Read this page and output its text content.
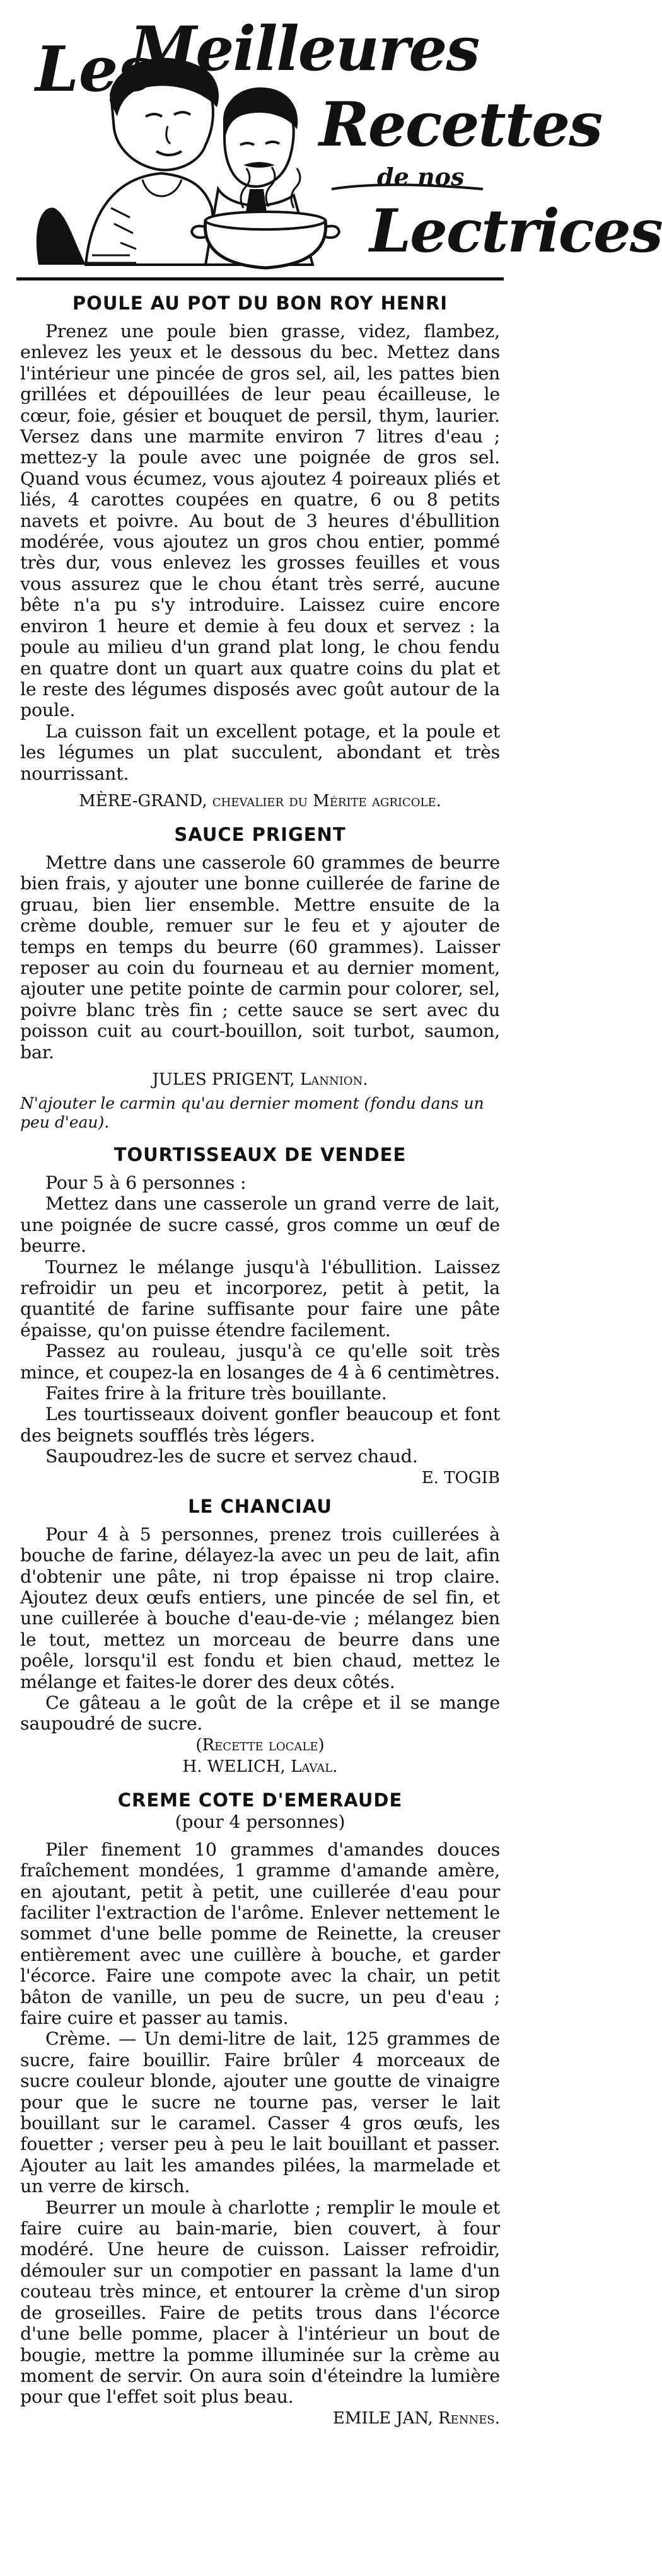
Les
Meilleures
Recettes
de nos
Lectrices
POULE AU POT DU BON ROY HENRI

Prenez une poule bien grasse, videz, flambez, enlevez les yeux et le dessous du bec. Mettez dans l'intérieur une pincée de gros sel, ail, les pattes bien grillées et dépouillées de leur peau écailleuse, le cœur, foie, gésier et bouquet de persil, thym, laurier. Versez dans une marmite environ 7 litres d'eau ; mettez-y la poule avec une poignée de gros sel. Quand vous écumez, vous ajoutez 4 poireaux pliés et liés, 4 carottes coupées en quatre, 6 ou 8 petits navets et poivre. Au bout de 3 heures d'ébullition modérée, vous ajoutez un gros chou entier, pommé très dur, vous enlevez les grosses feuilles et vous vous assurez que le chou étant très serré, aucune bête n'a pu s'y introduire. Laissez cuire encore environ 1 heure et demie à feu doux et servez : la poule au milieu d'un grand plat long, le chou fendu en quatre dont un quart aux quatre coins du plat et le reste des légumes disposés avec goût autour de la poule.

La cuisson fait un excellent potage, et la poule et les légumes un plat succulent, abondant et très nourrissant.

MÈRE-GRAND, chevalier du Mérite agricole.

SAUCE PRIGENT

Mettre dans une casserole 60 grammes de beurre bien frais, y ajouter une bonne cuillerée de farine de gruau, bien lier ensemble. Mettre ensuite de la crème double, remuer sur le feu et y ajouter de temps en temps du beurre (60 grammes). Laisser reposer au coin du fourneau et au dernier moment, ajouter une petite pointe de carmin pour colorer, sel, poivre blanc très fin ; cette sauce se sert avec du poisson cuit au court-bouillon, soit turbot, saumon, bar.

JULES PRIGENT, Lannion.

N'ajouter le carmin qu'au dernier moment (fondu dans un peu d'eau).

TOURTISSEAUX DE VENDEE

Pour 5 à 6 personnes :

Mettez dans une casserole un grand verre de lait, une poignée de sucre cassé, gros comme un œuf de beurre.

Tournez le mélange jusqu'à l'ébullition. Laissez refroidir un peu et incorporez, petit à petit, la quantité de farine suffisante pour faire une pâte épaisse, qu'on puisse étendre facilement.

Passez au rouleau, jusqu'à ce qu'elle soit très mince, et coupez-la en losanges de 4 à 6 centimètres.

Faites frire à la friture très bouillante.

Les tourtisseaux doivent gonfler beaucoup et font des beignets soufflés très légers.

Saupoudrez-les de sucre et servez chaud.

E. TOGIB

LE CHANCIAU

Pour 4 à 5 personnes, prenez trois cuillerées à bouche de farine, délayez-la avec un peu de lait, afin d'obtenir une pâte, ni trop épaisse ni trop claire. Ajoutez deux œufs entiers, une pincée de sel fin, et une cuillerée à bouche d'eau-de-vie ; mélangez bien le tout, mettez un morceau de beurre dans une poêle, lorsqu'il est fondu et bien chaud, mettez le mélange et faites-le dorer des deux côtés.

Ce gâteau a le goût de la crêpe et il se mange saupoudré de sucre.

(Recette locale)

H. WELICH, Laval.

CREME COTE D'EMERAUDE

(pour 4 personnes)

Piler finement 10 grammes d'amandes douces fraîchement mondées, 1 gramme d'amande amère, en ajoutant, petit à petit, une cuillerée d'eau pour faciliter l'extraction de l'arôme. Enlever nettement le sommet d'une belle pomme de Reinette, la creuser entièrement avec une cuillère à bouche, et garder l'écorce. Faire une compote avec la chair, un petit bâton de vanille, un peu de sucre, un peu d'eau ; faire cuire et passer au tamis.

Crème. — Un demi-litre de lait, 125 grammes de sucre, faire bouillir. Faire brûler 4 morceaux de sucre couleur blonde, ajouter une goutte de vinaigre pour que le sucre ne tourne pas, verser le lait bouillant sur le caramel. Casser 4 gros œufs, les fouetter ; verser peu à peu le lait bouillant et passer. Ajouter au lait les amandes pilées, la marmelade et un verre de kirsch.

Beurrer un moule à charlotte ; remplir le moule et faire cuire au bain-marie, bien couvert, à four modéré. Une heure de cuisson. Laisser refroidir, démouler sur un compotier en passant la lame d'un couteau très mince, et entourer la crème d'un sirop de groseilles. Faire de petits trous dans l'écorce d'une belle pomme, placer à l'intérieur un bout de bougie, mettre la pomme illuminée sur la crème au moment de servir. On aura soin d'éteindre la lumière pour que l'effet soit plus beau.

EMILE JAN, Rennes.
